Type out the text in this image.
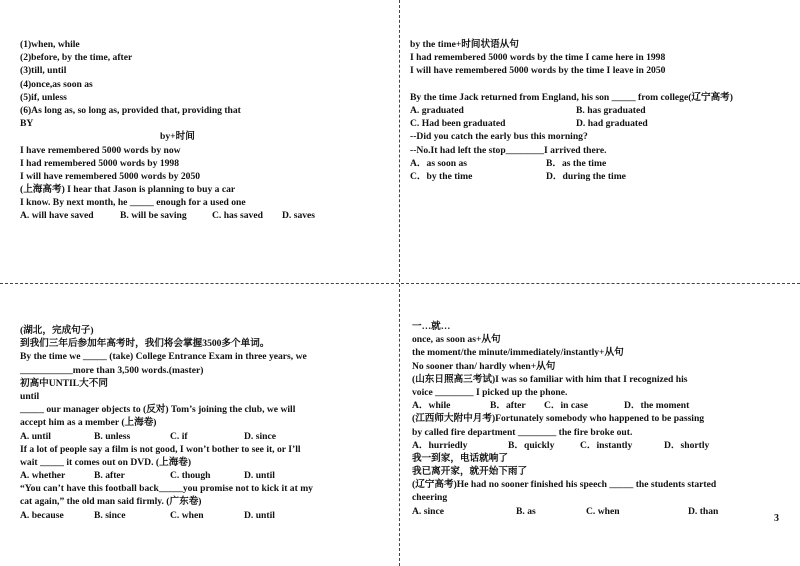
(1)when, while
(2)before, by the time, after
(3)till, until
(4)once,as soon as
(5)if, unless
(6)As long as, so long as, provided that, providing that
BY
by+时间
I have remembered 5000 words by now
I had remembered 5000 words by 1998
I will have remembered 5000 words by 2050
(上海高考) I hear that Jason is planning to buy a car
I know. By next month, he _____ enough for a used one
A. will have saved	B. will be saving	C. has saved	D. saves
by the time+时间状语从句
I had remembered 5000 words by the time I came here in 1998
I will have remembered 5000 words by the time I leave in 2050
By the time Jack returned from England, his son _____ from college(辽宁高考)
A. graduated	B. has graduated
C. Had been graduated	D. had graduated
--Did you catch the early bus this morning?
--No.It had left the stop________I arrived there.
A．as soon as	B．as the time
C．by the time	D．during the time
(湖北，完成句子)
到我们三年后参加年高考时，我们将会掌握3500多个单词。
By the time we _____ (take) College Entrance Exam in three years, we
___________more than 3,500 words.(master)
初高中UNTIL大不同
until
_____ our manager objects to (反对) Tom’s joining the club, we will
accept him as a member (上海卷)
A. until	B. unless	C. if	D. since
If a lot of people say a film is not good, I won’t bother to see it, or I’ll
wait _____ it comes out on DVD. (上海卷)
A. whether	B. after	C. though	D. until
“You can’t have this football back_____you promise not to kick it at my
cat again,” the old man said firmly. (广东卷)
A. because	B. since	C. when	D. until
一…就…
once, as soon as+从句
the moment/the minute/immediately/instantly+从句
No sooner than/ hardly when+从句
(山东日照高三考试)I was so familiar with him that I recognized his
voice ________ I picked up the phone.
A．while	B．after	C．in case	D．the moment
(江西师大附中月考)Fortunately somebody who happened to be passing
by called fire department ________ the fire broke out.
A．hurriedly	B．quickly	C．instantly	D．shortly
我一到家，电话就响了
我已离开家，就开始下雨了
(辽宁高考)He had no sooner finished his speech _____ the students started
cheering
A. since	B. as	C. when	D. than
3
